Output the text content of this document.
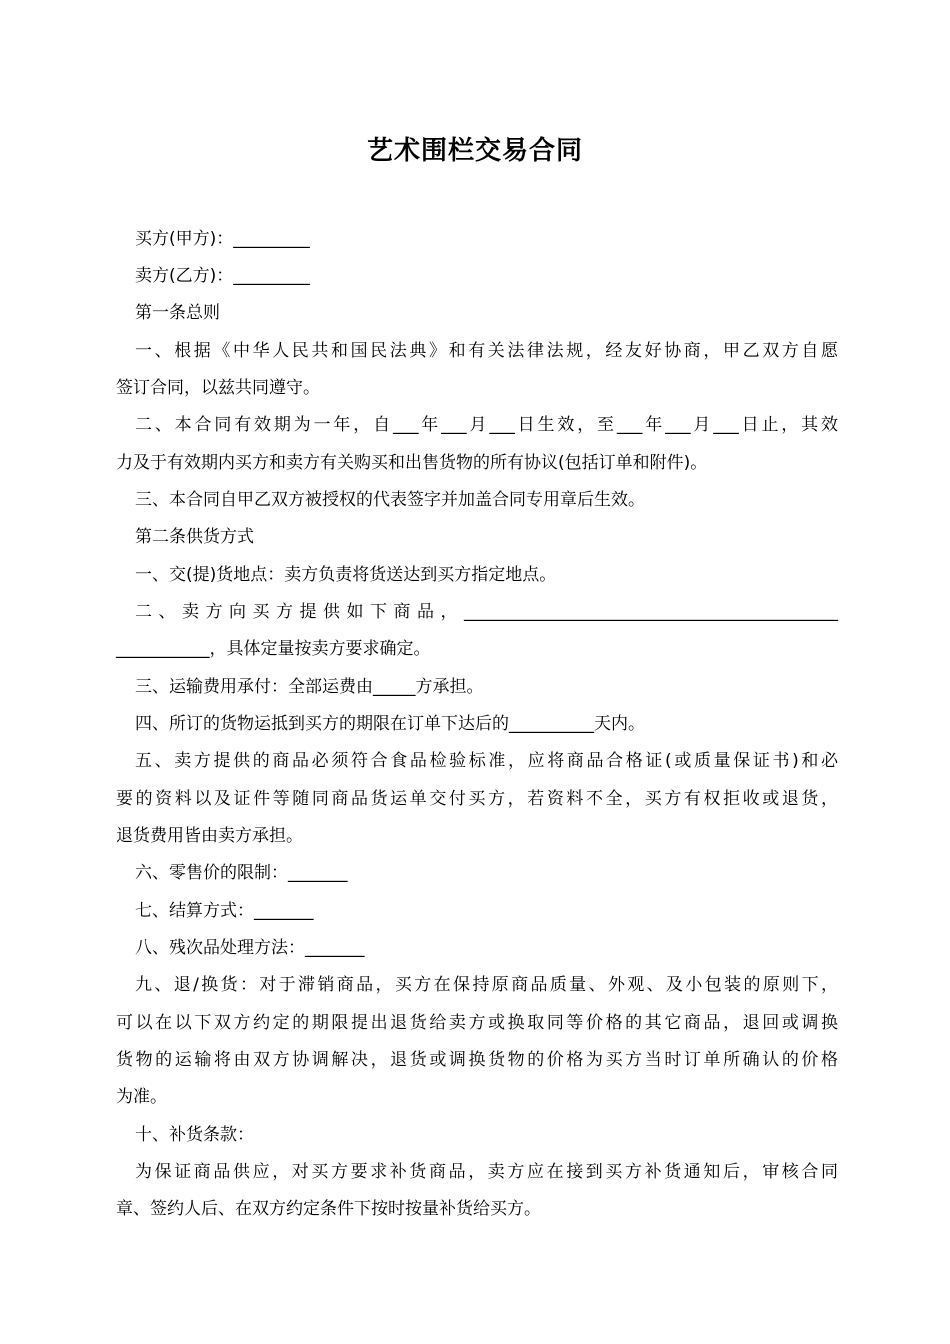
艺术围栏交易合同
买方(甲方)：_________
卖方(乙方)：_________
第一条总则
一、根据《中华人民共和国民法典》和有关法律法规，经友好协商，甲乙双方自愿
签订合同，以兹共同遵守。
二、本合同有效期为一年，自___年___月___日生效，至___年___月___日止，其效
力及于有效期内买方和卖方有关购买和出售货物的所有协议(包括订单和附件)。
三、本合同自甲乙双方被授权的代表签字并加盖合同专用章后生效。
第二条供货方式
一、交(提)货地点：卖方负责将货送达到买方指定地点。
二、卖方向买方提供如下商品，____________________________________________
___________，具体定量按卖方要求确定。
三、运输费用承付：全部运费由_____方承担。
四、所订的货物运抵到买方的期限在订单下达后的__________天内。
五、卖方提供的商品必须符合食品检验标准，应将商品合格证(或质量保证书)和必
要的资料以及证件等随同商品货运单交付买方，若资料不全，买方有权拒收或退货，
退货费用皆由卖方承担。
六、零售价的限制：_______
七、结算方式：_______
八、残次品处理方法：_______
九、退/换货：对于滞销商品，买方在保持原商品质量、外观、及小包装的原则下，
可以在以下双方约定的期限提出退货给卖方或换取同等价格的其它商品，退回或调换
货物的运输将由双方协调解决，退货或调换货物的价格为买方当时订单所确认的价格
为准。
十、补货条款：
为保证商品供应，对买方要求补货商品，卖方应在接到买方补货通知后，审核合同
章、签约人后、在双方约定条件下按时按量补货给买方。
